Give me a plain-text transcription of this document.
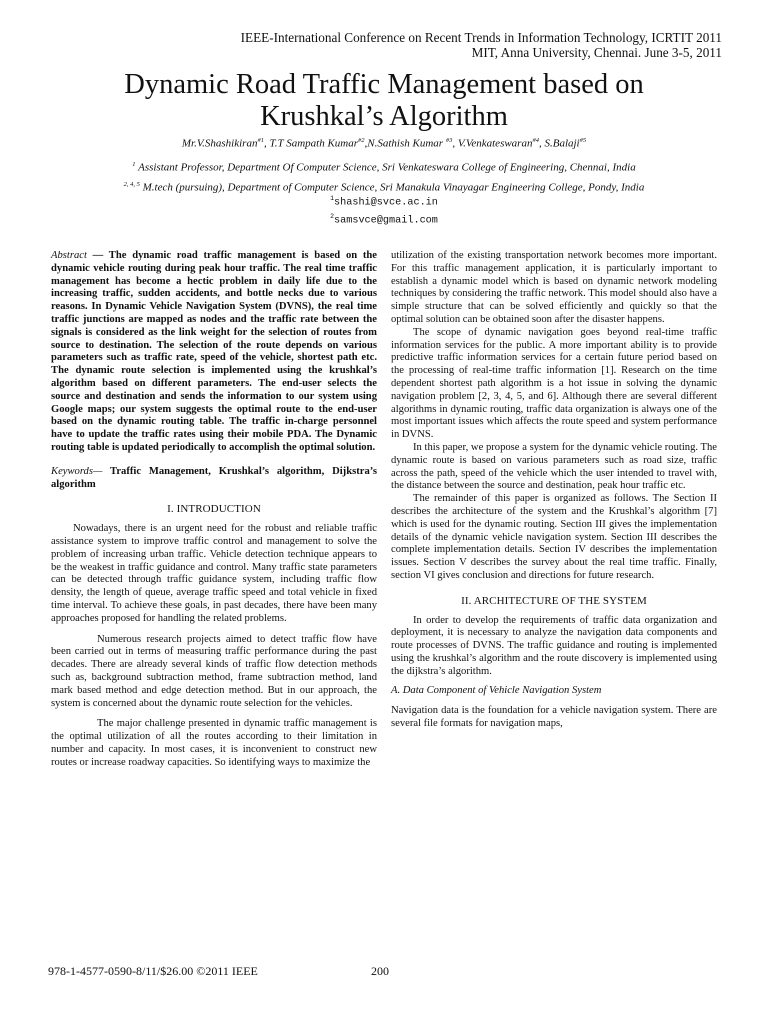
IEEE-International Conference on Recent Trends in Information Technology, ICRTIT 2011
MIT, Anna University, Chennai. June 3-5, 2011
Dynamic Road Traffic Management based on
Krushkal’s Algorithm
Mr.V.Shashikiran$^{\#1}$, T.T Sampath Kumar$^{\#2}$,N.Sathish Kumar $^{\#3}$, V.Venkateswaran$^{\#4}$, S.Balaji$^{\#5}$
$^1$ Assistant Professor, Department Of Computer Science, Sri Venkateswara College of Engineering, Chennai, India
$^{2, 4, 5}$ M.tech (pursuing), Department of Computer Science, Sri Manakula Vinayagar Engineering College, Pondy, India
$^1$shashi@svce.ac.in
$^2$samsvce@gmail.com

Abstract — The dynamic road traffic management is based on the dynamic vehicle routing during peak hour traffic. The real time traffic management has become a hectic problem in daily life due to the increasing traffic, sudden accidents, and bottle necks due to various reasons. In Dynamic Vehicle Navigation System (DVNS), the real time traffic junctions are mapped as nodes and the traffic rate between the signals is considered as the link weight for the selection of routes from source to destination. The selection of the route depends on various parameters such as traffic rate, speed of the vehicle, shortest path etc. The dynamic route selection is implemented using the krushkal’s algorithm based on different parameters. The end-user selects the source and destination and sends the information to our system using Google maps; our system suggests the optimal route to the end-user based on the dynamic routing table. The traffic in-charge personnel have to update the traffic rates using their mobile PDA. The Dynamic routing table is updated periodically to accomplish the optimal solution.

Keywords— Traffic Management, Krushkal’s algorithm, Dijkstra’s algorithm

I. INTRODUCTION

Nowadays, there is an urgent need for the robust and reliable traffic assistance system to improve traffic control and management to solve the problem of increasing urban traffic. Vehicle detection technique appears to be the weakest in traffic guidance and control. Many traffic state parameters can be detected through traffic guidance system, including traffic flow density, the length of queue, average traffic speed and total vehicle in fixed time interval. To achieve these goals, in past decades, there have been many approaches proposed for handling the related problems.

Numerous research projects aimed to detect traffic flow have been carried out in terms of measuring traffic performance during the past decades. There are already several kinds of traffic flow detection methods such as, background subtraction method, frame subtraction method, land mark based method and edge detection method. But in our approach, the system is concerned about the dynamic route selection for the vehicles.

The major challenge presented in dynamic traffic management is the optimal utilization of all the routes according to their limitation in number and capacity. In most cases, it is inconvenient to construct new routes or increase roadway capacities. So identifying ways to maximize the

utilization of the existing transportation network becomes more important. For this traffic management application, it is particularly important to establish a dynamic model which is based on dynamic network modeling techniques by considering the traffic network. This model should also have a simple structure that can be solved efficiently and quickly so that the optimal solution can be obtained soon after the disaster happens.

The scope of dynamic navigation goes beyond real-time traffic information services for the public. A more important ability is to provide predictive traffic information services for a certain future period based on the processing of real-time traffic information [1]. Research on the time dependent shortest path algorithm is a hot issue in solving the dynamic navigation problem [2, 3, 4, 5, and 6]. Although there are several different algorithms in dynamic routing, traffic data organization is always one of the most important issues which affects the route speed and system performance in DVNS.

In this paper, we propose a system for the dynamic vehicle routing. The dynamic route is based on various parameters such as road size, traffic across the path, speed of the vehicle which the user intended to travel with, the distance between the source and destination, peak hour traffic etc.

The remainder of this paper is organized as follows. The Section II describes the architecture of the system and the Krushkal’s algorithm [7] which is used for the dynamic routing. Section III gives the implementation details of the dynamic vehicle navigation system. Section III describes the complete implementation details. Section IV describes the implementation issues. Section V describes the survey about the real time traffic. Finally, section VI gives conclusion and directions for future research.

II. ARCHITECTURE OF THE SYSTEM

In order to develop the requirements of traffic data organization and deployment, it is necessary to analyze the navigation data components and route processes of DVNS. The traffic guidance and routing is implemented using the krushkal’s algorithm and the route discovery is implemented using the dijkstra’s algorithm.

A. Data Component of Vehicle Navigation System

Navigation data is the foundation for a vehicle navigation system. There are several file formats for navigation maps,

978-1-4577-0590-8/11/$26.00 ©2011 IEEE	200
